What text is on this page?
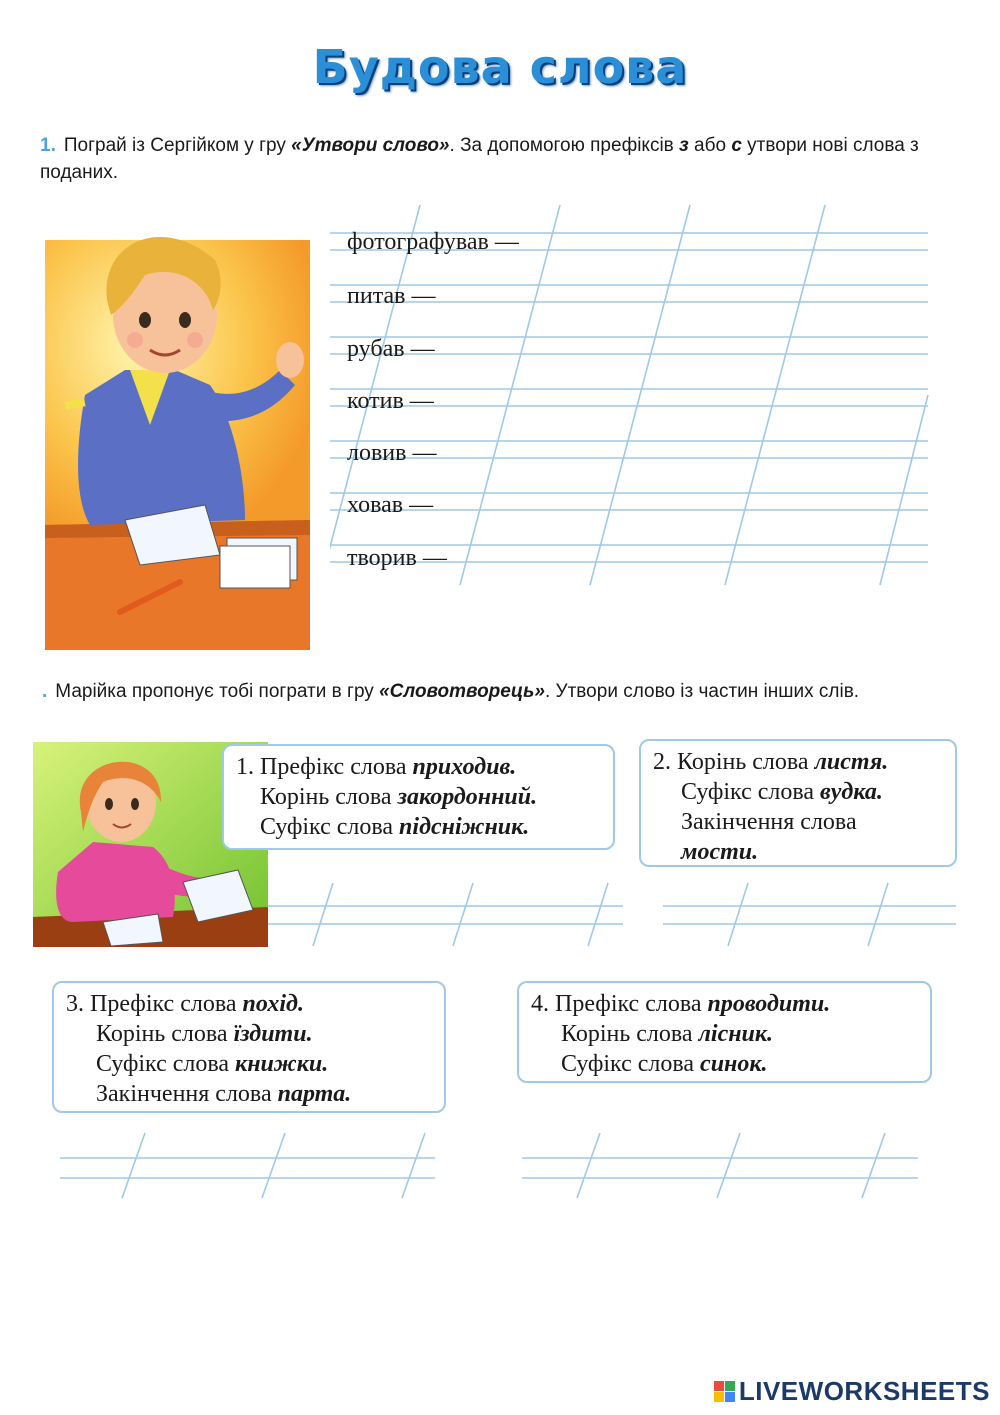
Будова слова
1. Пограй із Сергійком у гру «Утвори слово». За допомогою префіксів з або с утвори нові слова з поданих.
фотографував —
питав —
рубав —
котив —
ловив —
ховав —
творив —
. Марійка пропонує тобі пограти в гру «Словотворець». Утвори слово із частин інших слів.
1. Префікс слова приходив.
Корінь слова закордонний.
Суфікс слова підсніжник.
2. Корінь слова листя.
Суфікс слова вудка.
Закінчення слова
мости.
3. Префікс слова похід.
Корінь слова їздити.
Суфікс слова книжки.
Закінчення слова парта.
4. Префікс слова проводити.
Корінь слова лісник.
Суфікс слова синок.
LIVEWORKSHEETS
